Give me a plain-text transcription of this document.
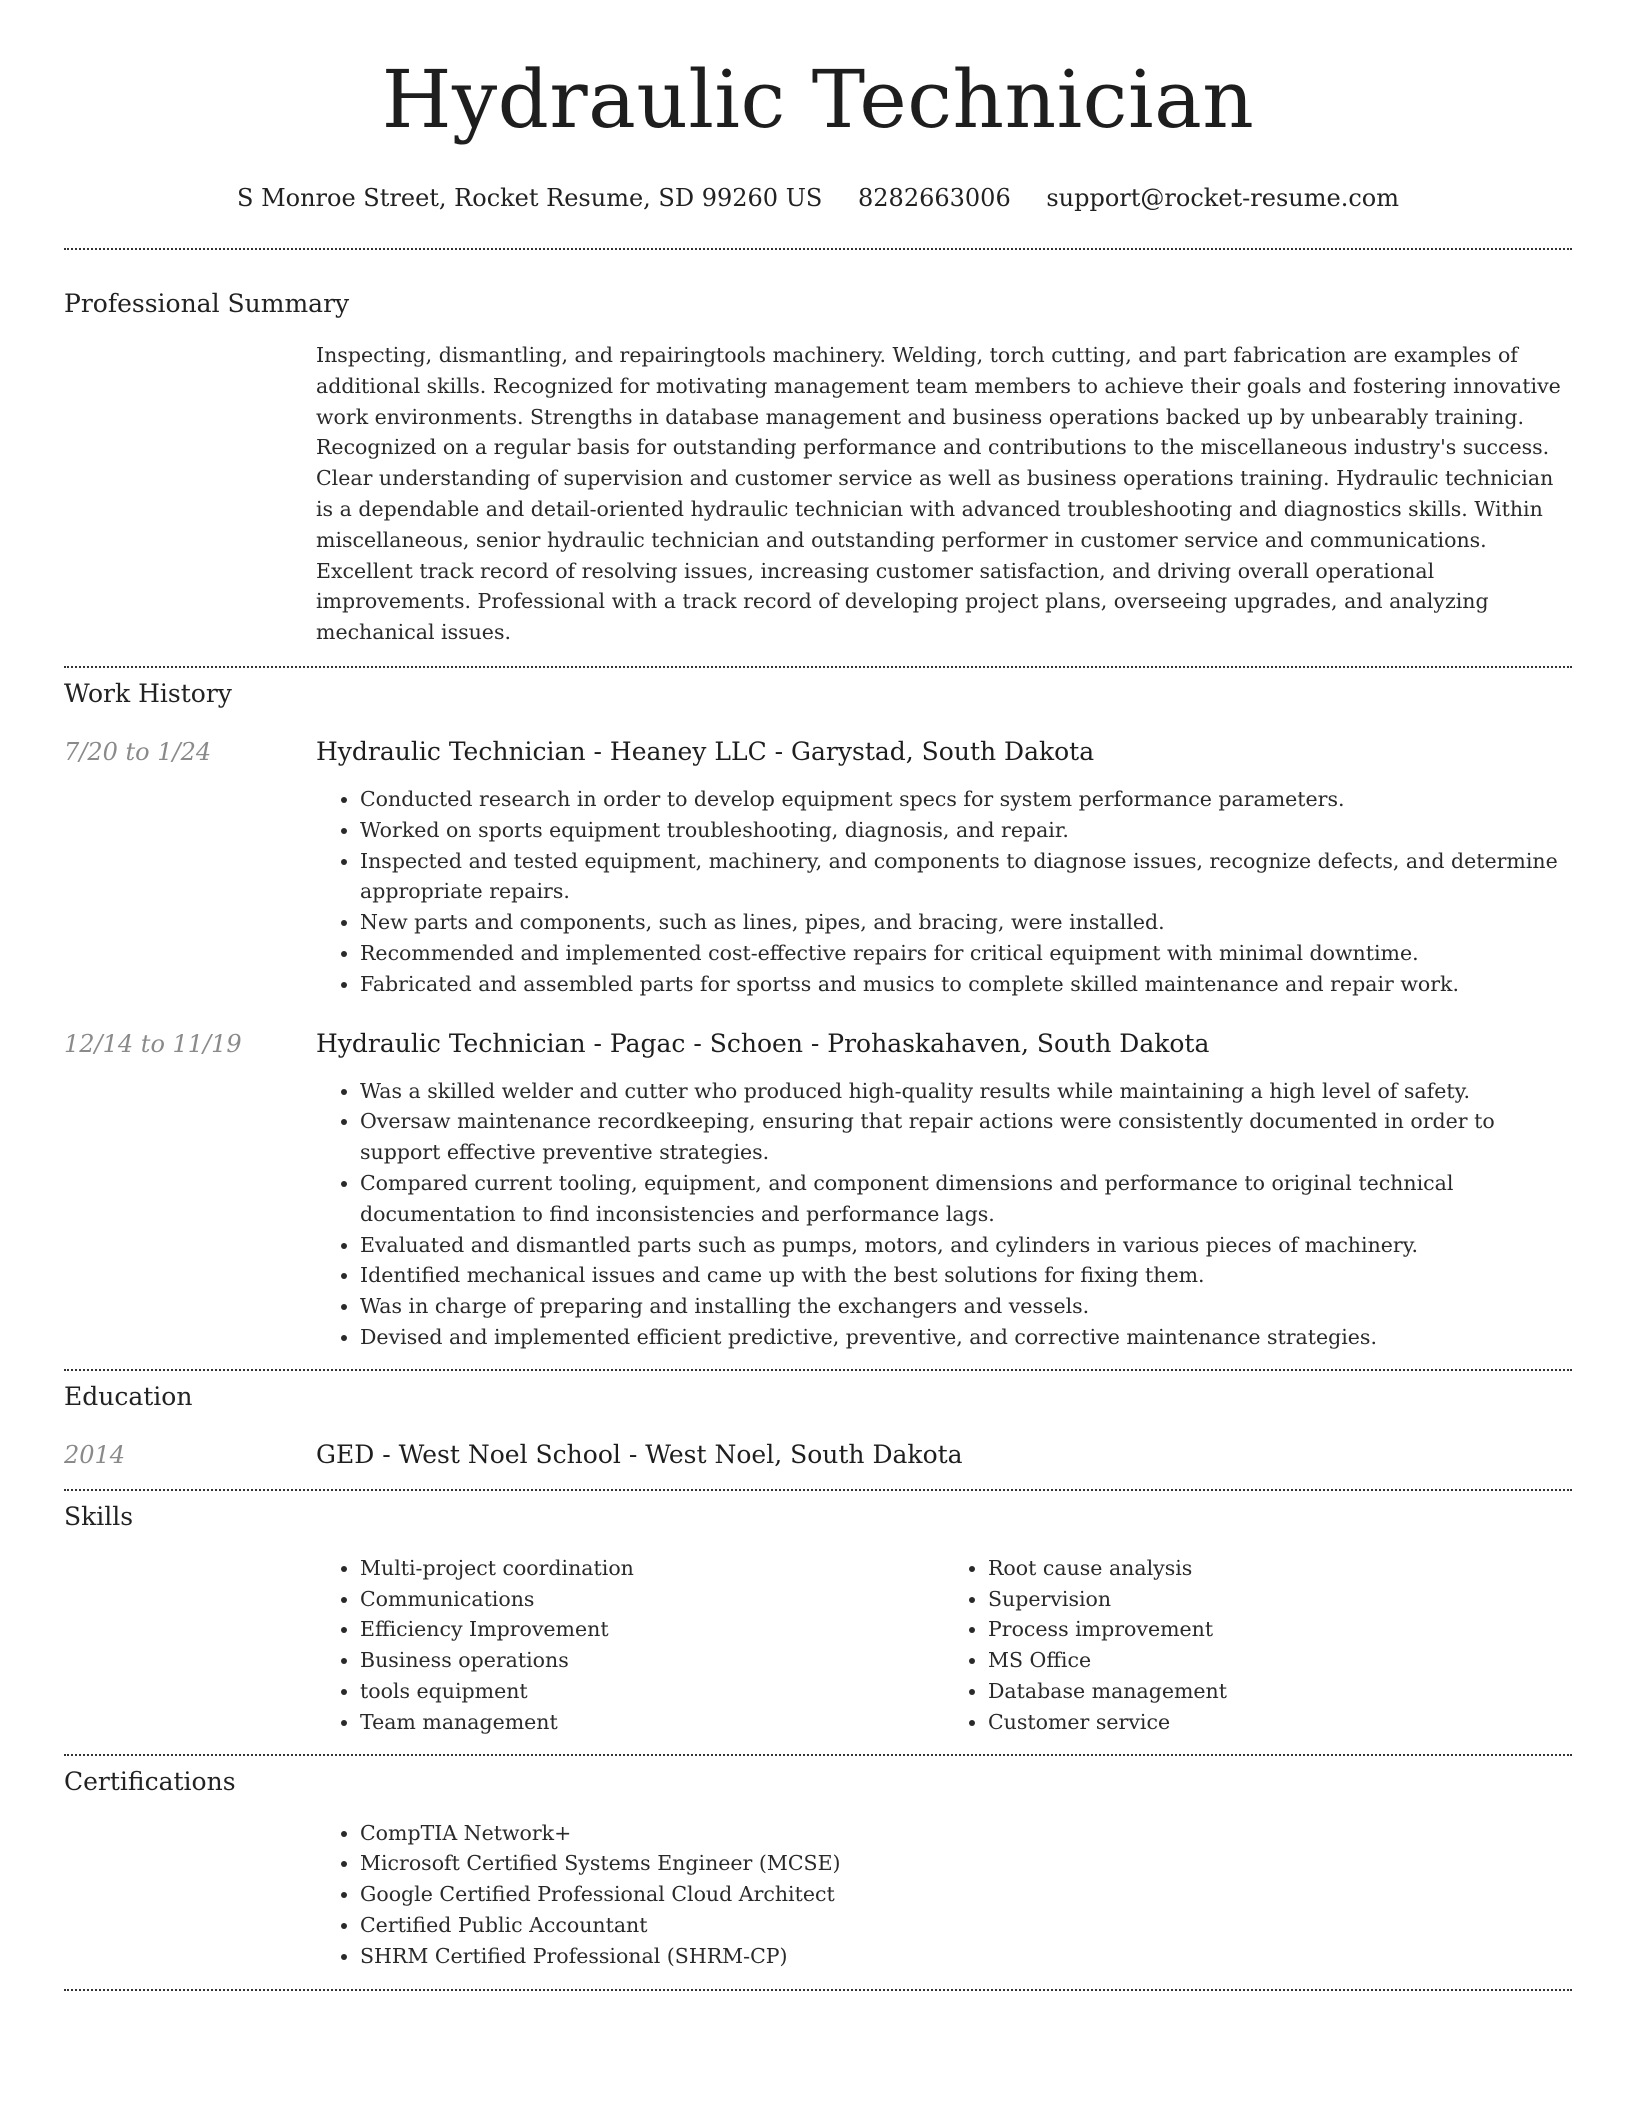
Hydraulic Technician
S Monroe Street, Rocket Resume, SD 99260 US 8282663006 support@rocket-resume.com
Professional Summary
Inspecting, dismantling, and repairingtools machinery. Welding, torch cutting, and part fabrication are examples of additional skills. Recognized for motivating management team members to achieve their goals and fostering innovative work environments. Strengths in database management and business operations backed up by unbearably training. Recognized on a regular basis for outstanding performance and contributions to the miscellaneous industry's success. Clear understanding of supervision and customer service as well as business operations training. Hydraulic technician is a dependable and detail-oriented hydraulic technician with advanced troubleshooting and diagnostics skills. Within miscellaneous, senior hydraulic technician and outstanding performer in customer service and communications. Excellent track record of resolving issues, increasing customer satisfaction, and driving overall operational improvements. Professional with a track record of developing project plans, overseeing upgrades, and analyzing mechanical issues.
Work History
7/20 to 1/24	Hydraulic Technician - Heaney LLC - Garystad, South Dakota
• Conducted research in order to develop equipment specs for system performance parameters.
• Worked on sports equipment troubleshooting, diagnosis, and repair.
• Inspected and tested equipment, machinery, and components to diagnose issues, recognize defects, and determine appropriate repairs.
• New parts and components, such as lines, pipes, and bracing, were installed.
• Recommended and implemented cost-effective repairs for critical equipment with minimal downtime.
• Fabricated and assembled parts for sportss and musics to complete skilled maintenance and repair work.
12/14 to 11/19	Hydraulic Technician - Pagac - Schoen - Prohaskahaven, South Dakota
• Was a skilled welder and cutter who produced high-quality results while maintaining a high level of safety.
• Oversaw maintenance recordkeeping, ensuring that repair actions were consistently documented in order to support effective preventive strategies.
• Compared current tooling, equipment, and component dimensions and performance to original technical documentation to find inconsistencies and performance lags.
• Evaluated and dismantled parts such as pumps, motors, and cylinders in various pieces of machinery.
• Identified mechanical issues and came up with the best solutions for fixing them.
• Was in charge of preparing and installing the exchangers and vessels.
• Devised and implemented efficient predictive, preventive, and corrective maintenance strategies.
Education
2014	GED - West Noel School - West Noel, South Dakota
Skills
• Multi-project coordination
• Communications
• Efficiency Improvement
• Business operations
• tools equipment
• Team management
• Root cause analysis
• Supervision
• Process improvement
• MS Office
• Database management
• Customer service
Certifications
• CompTIA Network+
• Microsoft Certified Systems Engineer (MCSE)
• Google Certified Professional Cloud Architect
• Certified Public Accountant
• SHRM Certified Professional (SHRM-CP)
